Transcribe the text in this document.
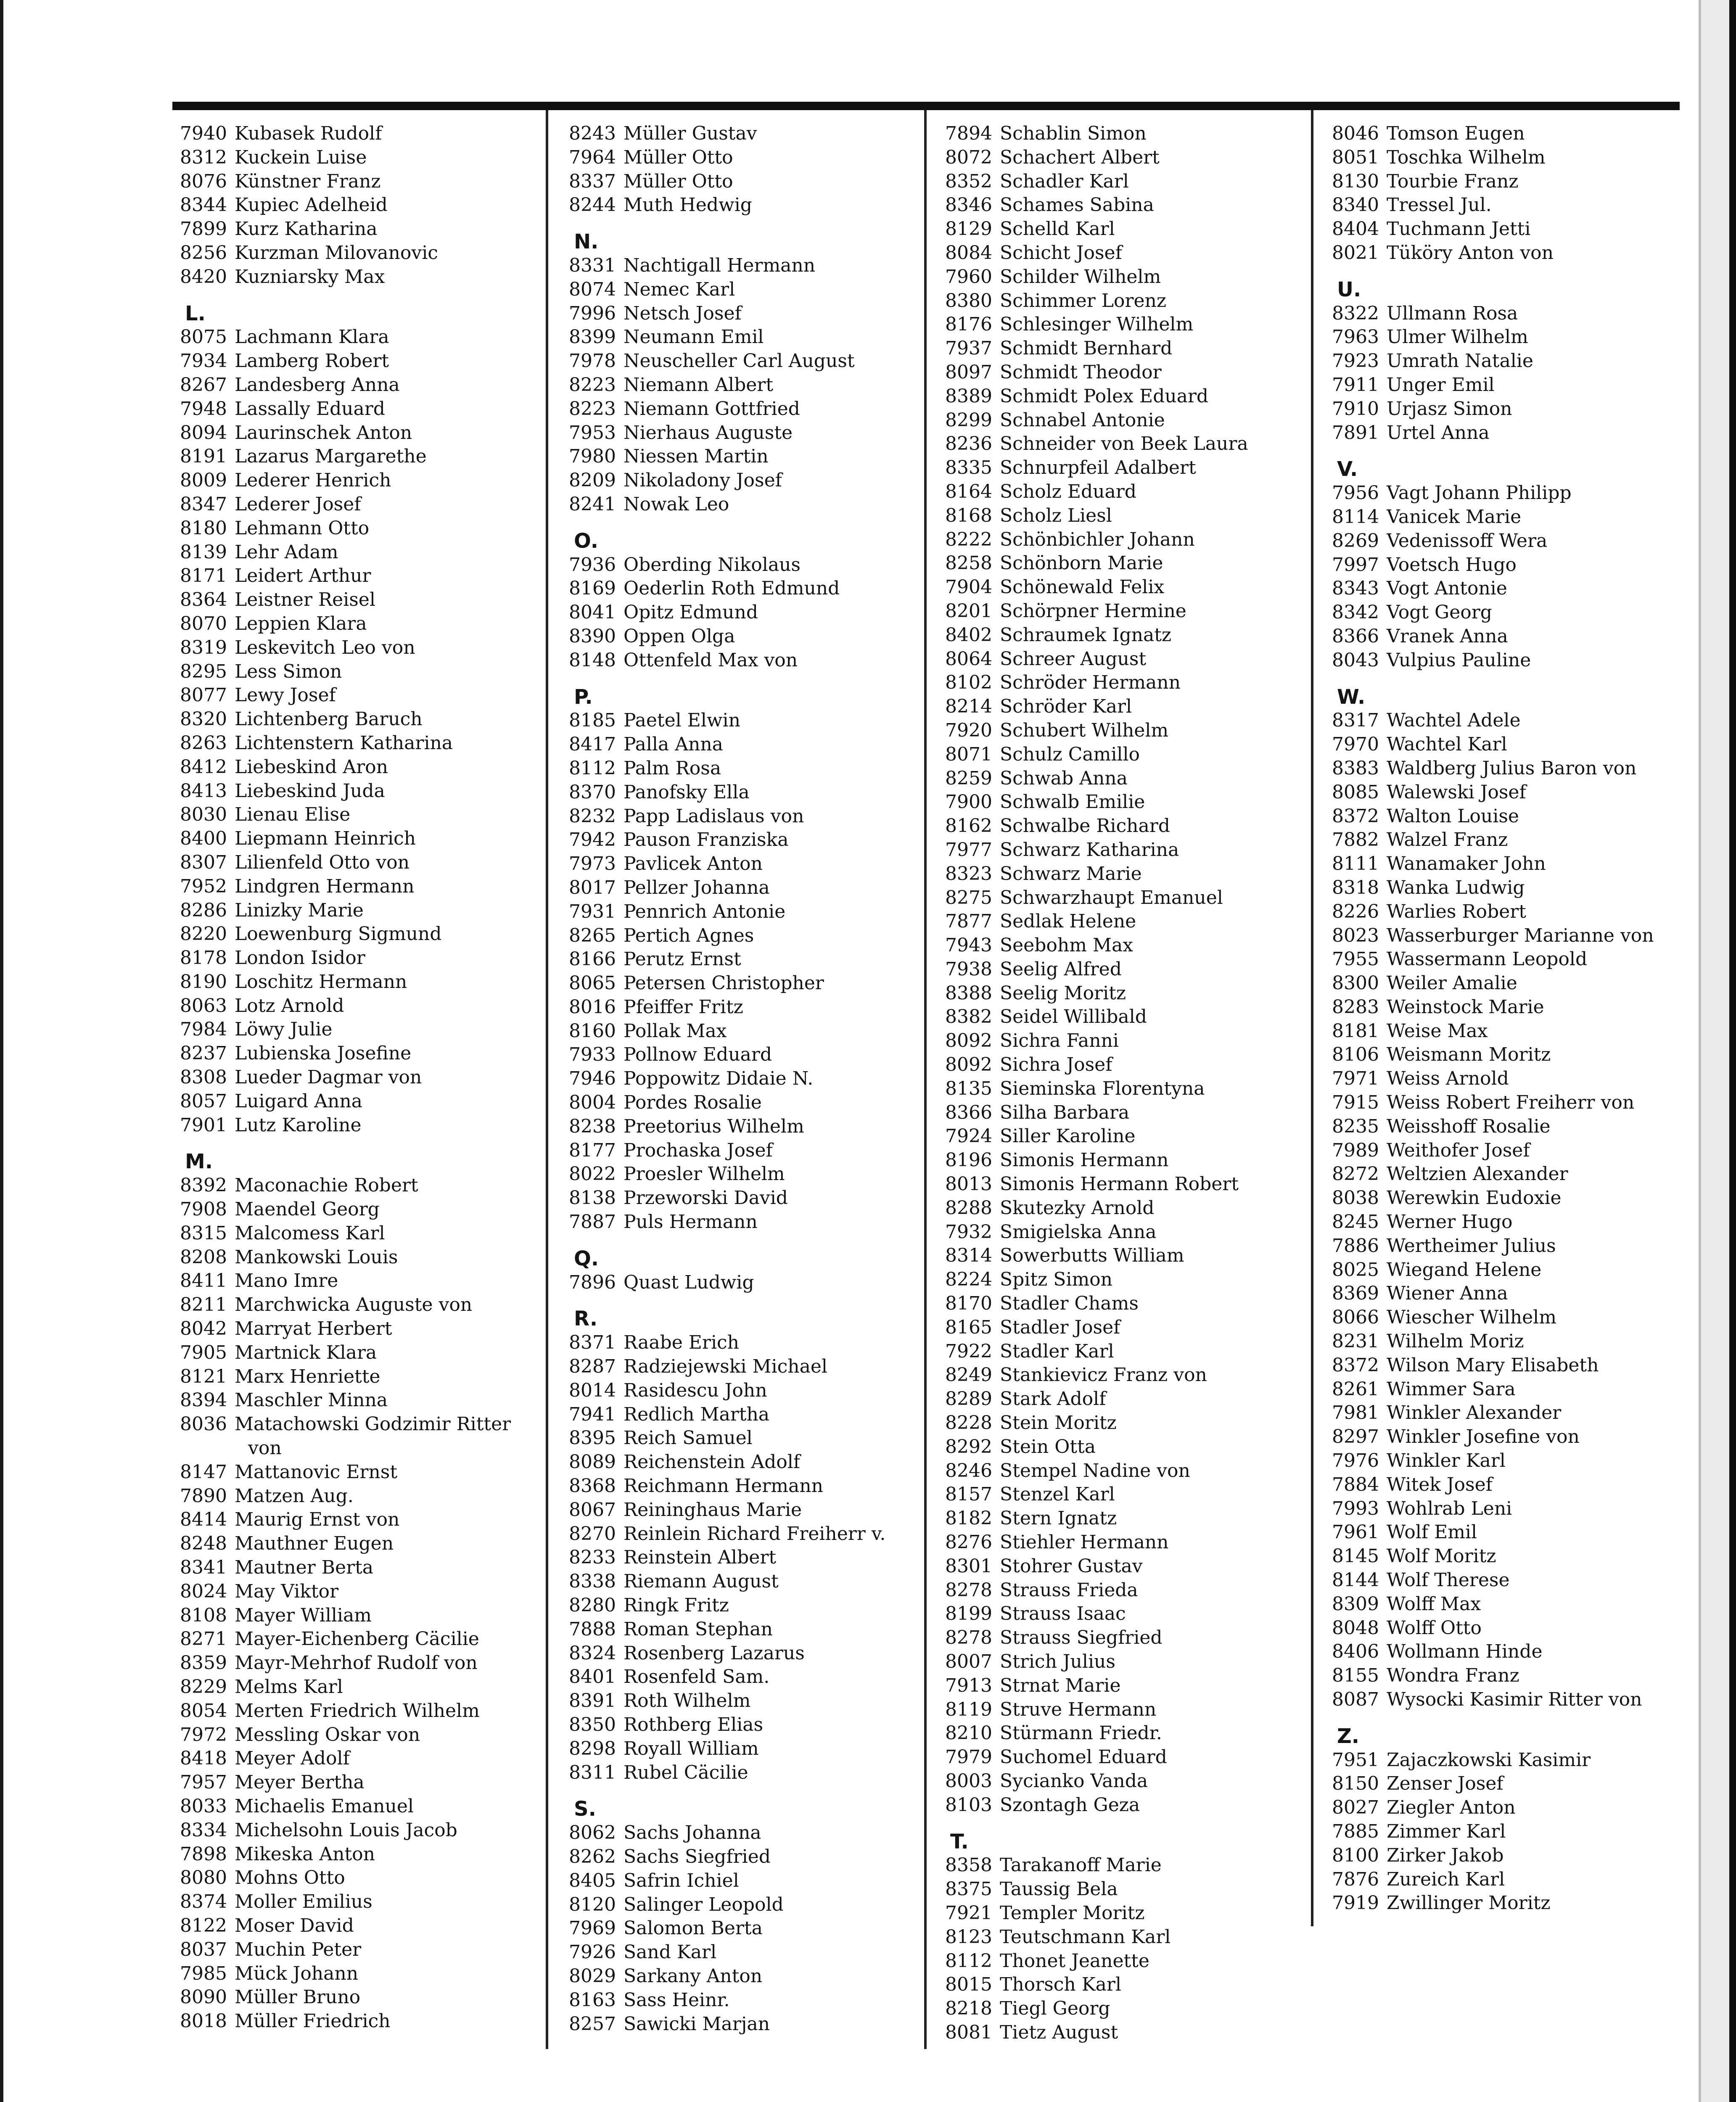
7940 Kubasek Rudolf
8312 Kuckein Luise
8076 Künstner Franz
8344 Kupiec Adelheid
7899 Kurz Katharina
8256 Kurzman Milovanovic
8420 Kuzniarsky Max
L.
8075 Lachmann Klara
7934 Lamberg Robert
8267 Landesberg Anna
7948 Lassally Eduard
8094 Laurinschek Anton
8191 Lazarus Margarethe
8009 Lederer Henrich
8347 Lederer Josef
8180 Lehmann Otto
8139 Lehr Adam
8171 Leidert Arthur
8364 Leistner Reisel
8070 Leppien Klara
8319 Leskevitch Leo von
8295 Less Simon
8077 Lewy Josef
8320 Lichtenberg Baruch
8263 Lichtenstern Katharina
8412 Liebeskind Aron
8413 Liebeskind Juda
8030 Lienau Elise
8400 Liepmann Heinrich
8307 Lilienfeld Otto von
7952 Lindgren Hermann
8286 Linizky Marie
8220 Loewenburg Sigmund
8178 London Isidor
8190 Loschitz Hermann
8063 Lotz Arnold
7984 Löwy Julie
8237 Lubienska Josefine
8308 Lueder Dagmar von
8057 Luigard Anna
7901 Lutz Karoline
M.
8392 Maconachie Robert
7908 Maendel Georg
8315 Malcomess Karl
8208 Mankowski Louis
8411 Mano Imre
8211 Marchwicka Auguste von
8042 Marryat Herbert
7905 Martnick Klara
8121 Marx Henriette
8394 Maschler Minna
8036 Matachowski Godzimir Ritter
von
8147 Mattanovic Ernst
7890 Matzen Aug.
8414 Maurig Ernst von
8248 Mauthner Eugen
8341 Mautner Berta
8024 May Viktor
8108 Mayer William
8271 Mayer-Eichenberg Cäcilie
8359 Mayr-Mehrhof Rudolf von
8229 Melms Karl
8054 Merten Friedrich Wilhelm
7972 Messling Oskar von
8418 Meyer Adolf
7957 Meyer Bertha
8033 Michaelis Emanuel
8334 Michelsohn Louis Jacob
7898 Mikeska Anton
8080 Mohns Otto
8374 Moller Emilius
8122 Moser David
8037 Muchin Peter
7985 Mück Johann
8090 Müller Bruno
8018 Müller Friedrich
8243 Müller Gustav
7964 Müller Otto
8337 Müller Otto
8244 Muth Hedwig
N.
8331 Nachtigall Hermann
8074 Nemec Karl
7996 Netsch Josef
8399 Neumann Emil
7978 Neuscheller Carl August
8223 Niemann Albert
8223 Niemann Gottfried
7953 Nierhaus Auguste
7980 Niessen Martin
8209 Nikoladony Josef
8241 Nowak Leo
O.
7936 Oberding Nikolaus
8169 Oederlin Roth Edmund
8041 Opitz Edmund
8390 Oppen Olga
8148 Ottenfeld Max von
P.
8185 Paetel Elwin
8417 Palla Anna
8112 Palm Rosa
8370 Panofsky Ella
8232 Papp Ladislaus von
7942 Pauson Franziska
7973 Pavlicek Anton
8017 Pellzer Johanna
7931 Pennrich Antonie
8265 Pertich Agnes
8166 Perutz Ernst
8065 Petersen Christopher
8016 Pfeiffer Fritz
8160 Pollak Max
7933 Pollnow Eduard
7946 Poppowitz Didaie N.
8004 Pordes Rosalie
8238 Preetorius Wilhelm
8177 Prochaska Josef
8022 Proesler Wilhelm
8138 Przeworski David
7887 Puls Hermann
Q.
7896 Quast Ludwig
R.
8371 Raabe Erich
8287 Radziejewski Michael
8014 Rasidescu John
7941 Redlich Martha
8395 Reich Samuel
8089 Reichenstein Adolf
8368 Reichmann Hermann
8067 Reininghaus Marie
8270 Reinlein Richard Freiherr v.
8233 Reinstein Albert
8338 Riemann August
8280 Ringk Fritz
7888 Roman Stephan
8324 Rosenberg Lazarus
8401 Rosenfeld Sam.
8391 Roth Wilhelm
8350 Rothberg Elias
8298 Royall William
8311 Rubel Cäcilie
S.
8062 Sachs Johanna
8262 Sachs Siegfried
8405 Safrin Ichiel
8120 Salinger Leopold
7969 Salomon Berta
7926 Sand Karl
8029 Sarkany Anton
8163 Sass Heinr.
8257 Sawicki Marjan
7894 Schablin Simon
8072 Schachert Albert
8352 Schadler Karl
8346 Schames Sabina
8129 Schelld Karl
8084 Schicht Josef
7960 Schilder Wilhelm
8380 Schimmer Lorenz
8176 Schlesinger Wilhelm
7937 Schmidt Bernhard
8097 Schmidt Theodor
8389 Schmidt Polex Eduard
8299 Schnabel Antonie
8236 Schneider von Beek Laura
8335 Schnurpfeil Adalbert
8164 Scholz Eduard
8168 Scholz Liesl
8222 Schönbichler Johann
8258 Schönborn Marie
7904 Schönewald Felix
8201 Schörpner Hermine
8402 Schraumek Ignatz
8064 Schreer August
8102 Schröder Hermann
8214 Schröder Karl
7920 Schubert Wilhelm
8071 Schulz Camillo
8259 Schwab Anna
7900 Schwalb Emilie
8162 Schwalbe Richard
7977 Schwarz Katharina
8323 Schwarz Marie
8275 Schwarzhaupt Emanuel
7877 Sedlak Helene
7943 Seebohm Max
7938 Seelig Alfred
8388 Seelig Moritz
8382 Seidel Willibald
8092 Sichra Fanni
8092 Sichra Josef
8135 Sieminska Florentyna
8366 Silha Barbara
7924 Siller Karoline
8196 Simonis Hermann
8013 Simonis Hermann Robert
8288 Skutezky Arnold
7932 Smigielska Anna
8314 Sowerbutts William
8224 Spitz Simon
8170 Stadler Chams
8165 Stadler Josef
7922 Stadler Karl
8249 Stankievicz Franz von
8289 Stark Adolf
8228 Stein Moritz
8292 Stein Otta
8246 Stempel Nadine von
8157 Stenzel Karl
8182 Stern Ignatz
8276 Stiehler Hermann
8301 Stohrer Gustav
8278 Strauss Frieda
8199 Strauss Isaac
8278 Strauss Siegfried
8007 Strich Julius
7913 Strnat Marie
8119 Struve Hermann
8210 Stürmann Friedr.
7979 Suchomel Eduard
8003 Sycianko Vanda
8103 Szontagh Geza
T.
8358 Tarakanoff Marie
8375 Taussig Bela
7921 Templer Moritz
8123 Teutschmann Karl
8112 Thonet Jeanette
8015 Thorsch Karl
8218 Tiegl Georg
8081 Tietz August
8046 Tomson Eugen
8051 Toschka Wilhelm
8130 Tourbie Franz
8340 Tressel Jul.
8404 Tuchmann Jetti
8021 Tüköry Anton von
U.
8322 Ullmann Rosa
7963 Ulmer Wilhelm
7923 Umrath Natalie
7911 Unger Emil
7910 Urjasz Simon
7891 Urtel Anna
V.
7956 Vagt Johann Philipp
8114 Vanicek Marie
8269 Vedenissoff Wera
7997 Voetsch Hugo
8343 Vogt Antonie
8342 Vogt Georg
8366 Vranek Anna
8043 Vulpius Pauline
W.
8317 Wachtel Adele
7970 Wachtel Karl
8383 Waldberg Julius Baron von
8085 Walewski Josef
8372 Walton Louise
7882 Walzel Franz
8111 Wanamaker John
8318 Wanka Ludwig
8226 Warlies Robert
8023 Wasserburger Marianne von
7955 Wassermann Leopold
8300 Weiler Amalie
8283 Weinstock Marie
8181 Weise Max
8106 Weismann Moritz
7971 Weiss Arnold
7915 Weiss Robert Freiherr von
8235 Weisshoff Rosalie
7989 Weithofer Josef
8272 Weltzien Alexander
8038 Werewkin Eudoxie
8245 Werner Hugo
7886 Wertheimer Julius
8025 Wiegand Helene
8369 Wiener Anna
8066 Wiescher Wilhelm
8231 Wilhelm Moriz
8372 Wilson Mary Elisabeth
8261 Wimmer Sara
7981 Winkler Alexander
8297 Winkler Josefine von
7976 Winkler Karl
7884 Witek Josef
7993 Wohlrab Leni
7961 Wolf Emil
8145 Wolf Moritz
8144 Wolf Therese
8309 Wolff Max
8048 Wolff Otto
8406 Wollmann Hinde
8155 Wondra Franz
8087 Wysocki Kasimir Ritter von
Z.
7951 Zajaczkowski Kasimir
8150 Zenser Josef
8027 Ziegler Anton
7885 Zimmer Karl
8100 Zirker Jakob
7876 Zureich Karl
7919 Zwillinger Moritz
